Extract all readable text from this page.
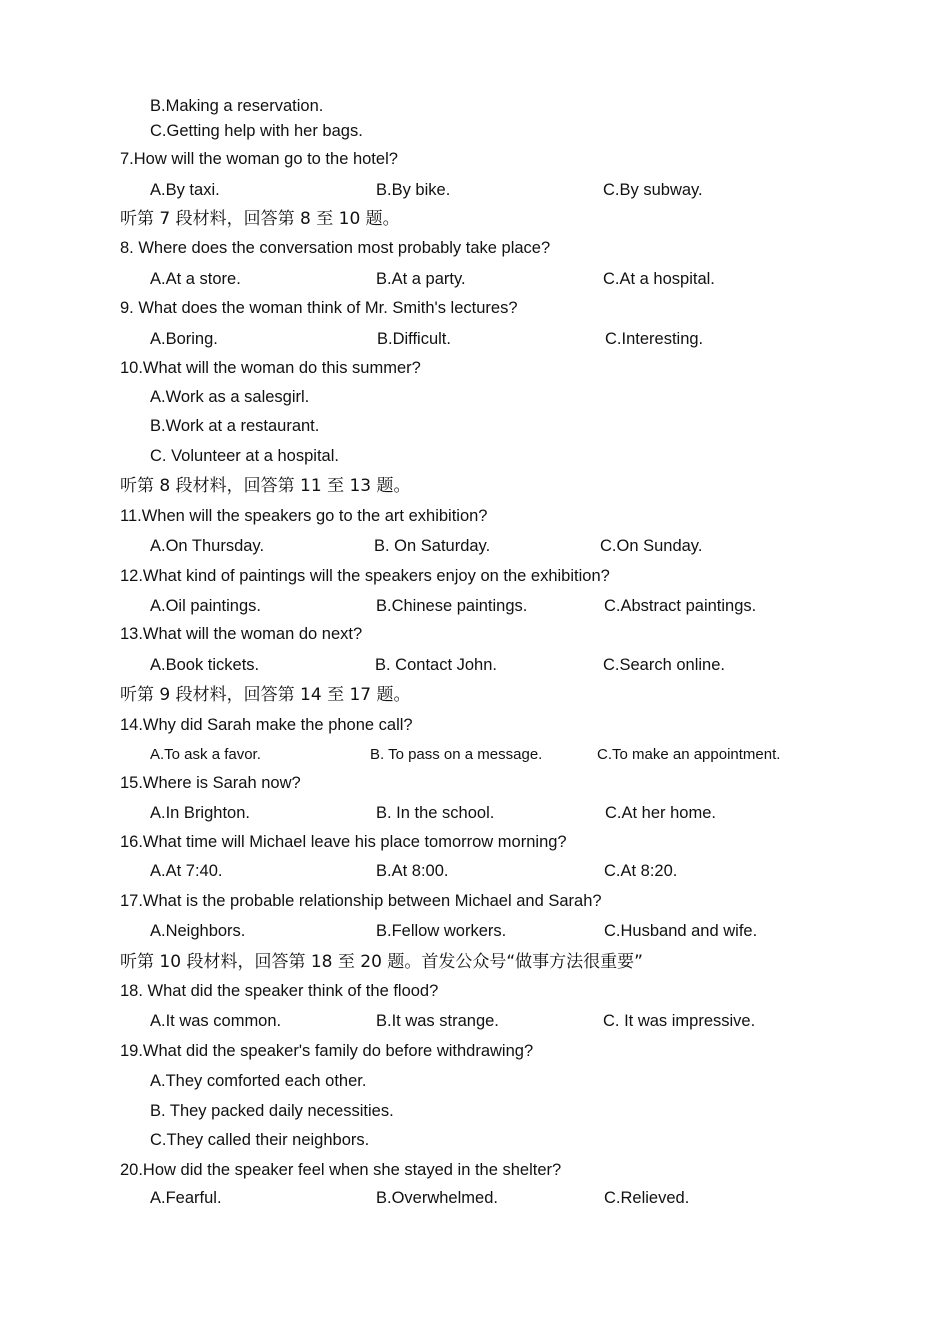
B.Making a reservation.
C.Getting help with her bags.
7.How will the woman go to the hotel?
A.By taxi.	B.By bike.	C.By subway.
听第 7 段材料，回答第 8 至 10 题。
8. Where does the conversation most probably take place?
A.At a store.	B.At a party.	C.At a hospital.
9. What does the woman think of Mr. Smith's lectures?
A.Boring.	B.Difficult.	C.Interesting.
10.What will the woman do this summer?
A.Work as a salesgirl.
B.Work at a restaurant.
C. Volunteer at a hospital.
听第 8 段材料，回答第 11 至 13 题。
11.When will the speakers go to the art exhibition?
A.On Thursday.	B. On Saturday.	C.On Sunday.
12.What kind of paintings will the speakers enjoy on the exhibition?
A.Oil paintings.	B.Chinese paintings.	C.Abstract paintings.
13.What will the woman do next?
A.Book tickets.	B. Contact John.	C.Search online.
听第 9 段材料，回答第 14 至 17 题。
14.Why did Sarah make the phone call?
A.To ask a favor.	B. To pass on a message.	C.To make an appointment.
15.Where is Sarah now?
A.In Brighton.	B. In the school.	C.At her home.
16.What time will Michael leave his place tomorrow morning?
A.At 7:40.	B.At 8:00.	C.At 8:20.
17.What is the probable relationship between Michael and Sarah?
A.Neighbors.	B.Fellow workers.	C.Husband and wife.
听第 10 段材料，回答第 18 至 20 题。首发公众号“做事方法很重要”
18. What did the speaker think of the flood?
A.It was common.	B.It was strange.	C. It was impressive.
19.What did the speaker's family do before withdrawing?
A.They comforted each other.
B. They packed daily necessities.
C.They called their neighbors.
20.How did the speaker feel when she stayed in the shelter?
A.Fearful.	B.Overwhelmed.	C.Relieved.
